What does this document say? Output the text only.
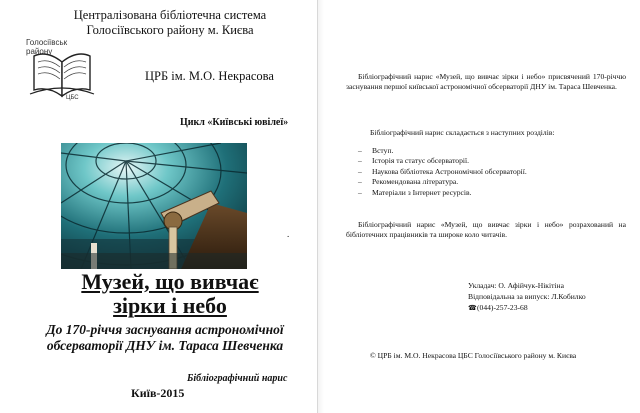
Централізована бібліотечна система
Голосіївського району м. Києва
Голосіївськ
району
ЦБС
ЦРБ ім. М.О. Некрасова
Цикл «Київські ювілеї»
.
Музей, що вивчає
зірки і небо
До 170-річчя заснування астрономічної
обсерваторії ДНУ ім. Тараса Шевченка
Бібліографічний нарис
Київ-2015
Бібліографічний нарис «Музей, що вивчає зірки і небо» присвячений 170-річчю заснування першої київської астрономічної обсерваторії ДНУ ім. Тараса Шевченка.
Бібліографічний нарис складається з наступних розділів:
– Вступ.
– Історія та статус обсерваторії.
– Наукова бібліотека Астрономічної обсерваторії.
– Рекомендована література.
– Матеріали з Інтернет ресурсів.
Бібліографічний нарис «Музей, що вивчає зірки і небо» розрахований на бібліотечних працівників та широке коло читачів.
Укладач: О. Афійчук-Нікітіна
Відповідальна за випуск: Л.Кобилко
☎(044)-257-23-68
© ЦРБ ім. М.О. Некрасова ЦБС Голосіївського району м. Києва
